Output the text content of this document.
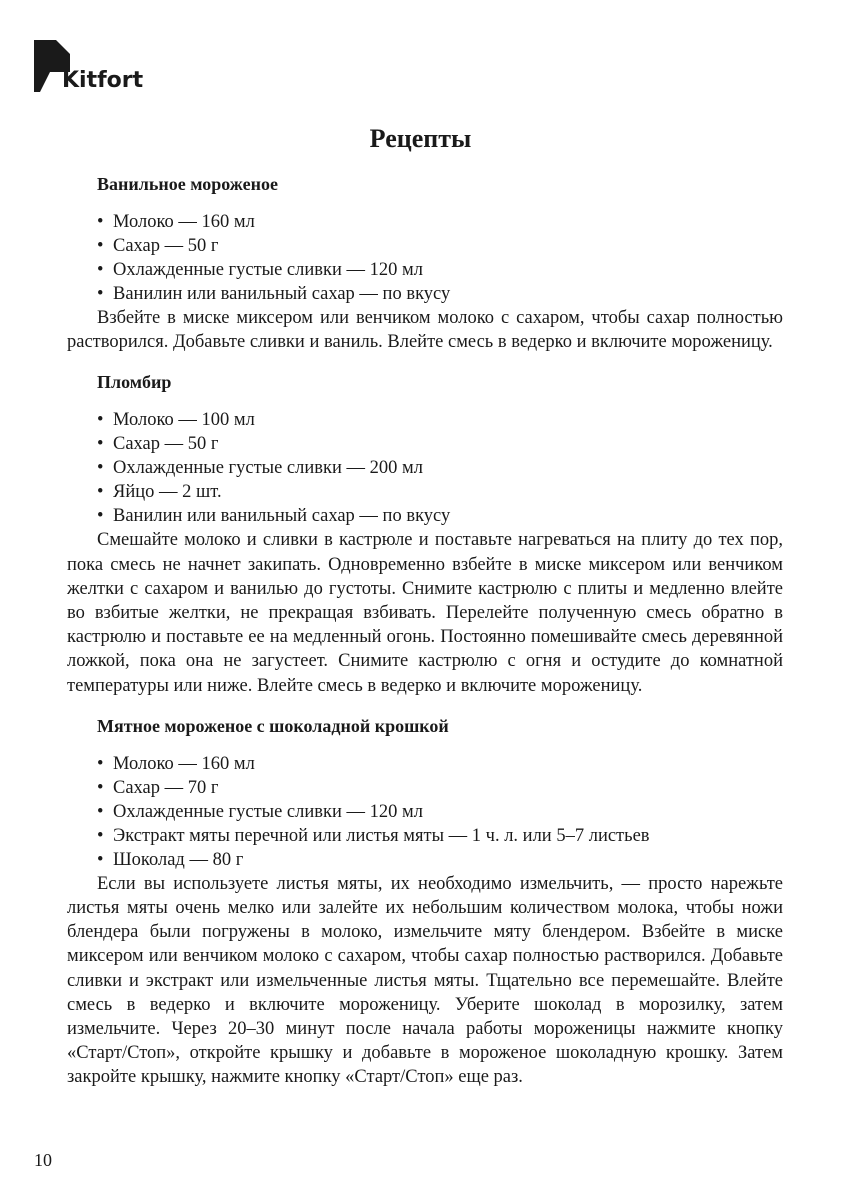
Kitfort
Рецепты
Ванильное мороженое
• Молоко — 160 мл
• Сахар — 50 г
• Охлажденные густые сливки — 120 мл
• Ванилин или ванильный сахар — по вкусу

Взбейте в миске миксером или венчиком молоко с сахаром, чтобы сахар полностью растворился. Добавьте сливки и ваниль. Влейте смесь в ведерко и включите мороженицу.

Пломбир
• Молоко — 100 мл
• Сахар — 50 г
• Охлажденные густые сливки — 200 мл
• Яйцо — 2 шт.
• Ванилин или ванильный сахар — по вкусу

Смешайте молоко и сливки в кастрюле и поставьте нагреваться на плиту до тех пор, пока смесь не начнет закипать. Одновременно взбейте в миске миксером или венчиком желтки с сахаром и ванилью до густоты. Снимите кастрюлю с плиты и медленно влейте во взбитые желтки, не прекращая взбивать. Перелейте полученную смесь обратно в кастрюлю и поставьте ее на медленный огонь. Постоянно помешивайте смесь деревянной ложкой, пока она не загустеет. Снимите кастрюлю с огня и остудите до комнатной температуры или ниже. Влейте смесь в ведерко и включите мороженицу.

Мятное мороженое с шоколадной крошкой
• Молоко — 160 мл
• Сахар — 70 г
• Охлажденные густые сливки — 120 мл
• Экстракт мяты перечной или листья мяты — 1 ч. л. или 5–7 листьев
• Шоколад — 80 г

Если вы используете листья мяты, их необходимо измельчить, — просто нарежьте листья мяты очень мелко или залейте их небольшим количеством молока, чтобы ножи блендера были погружены в молоко, измельчите мяту блендером. Взбейте в миске миксером или венчиком молоко с сахаром, чтобы сахар полностью растворился. Добавьте сливки и экстракт или измельченные листья мяты. Тщательно все перемешайте. Влейте смесь в ведерко и включите мороженицу. Уберите шоколад в морозилку, затем измельчите. Через 20–30 минут после начала работы мороженицы нажмите кнопку «Старт/Стоп», откройте крышку и добавьте в мороженое шоколадную крошку. Затем закройте крышку, нажмите кнопку «Старт/Стоп» еще раз.

10
